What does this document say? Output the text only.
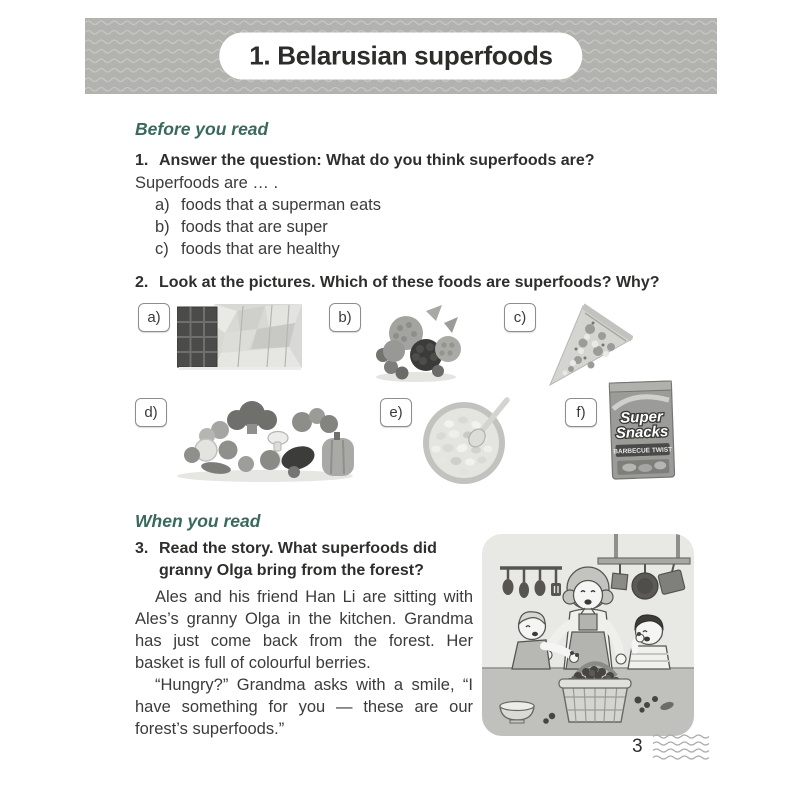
1. Belarusian superfoods
Before you read
1. Answer the question: What do you think superfoods are?
Superfoods are … .
a) foods that a superman eats
b) foods that are super
c) foods that are healthy
2. Look at the pictures. Which of these foods are superfoods? Why?
a)	b)	c)
d)	e)	f)	Super
Snacks
BARBECUE TWIST
When you read
3. Read the story. What superfoods did granny Olga bring from the forest?

Ales and his friend Han Li are sitting with Ales’s granny Olga in the kitchen. Grandma has just come back from the forest. Her basket is full of colourful berries.

“Hungry?” Grandma asks with a smile, “I have something for you — these are our forest’s superfoods.”

3
